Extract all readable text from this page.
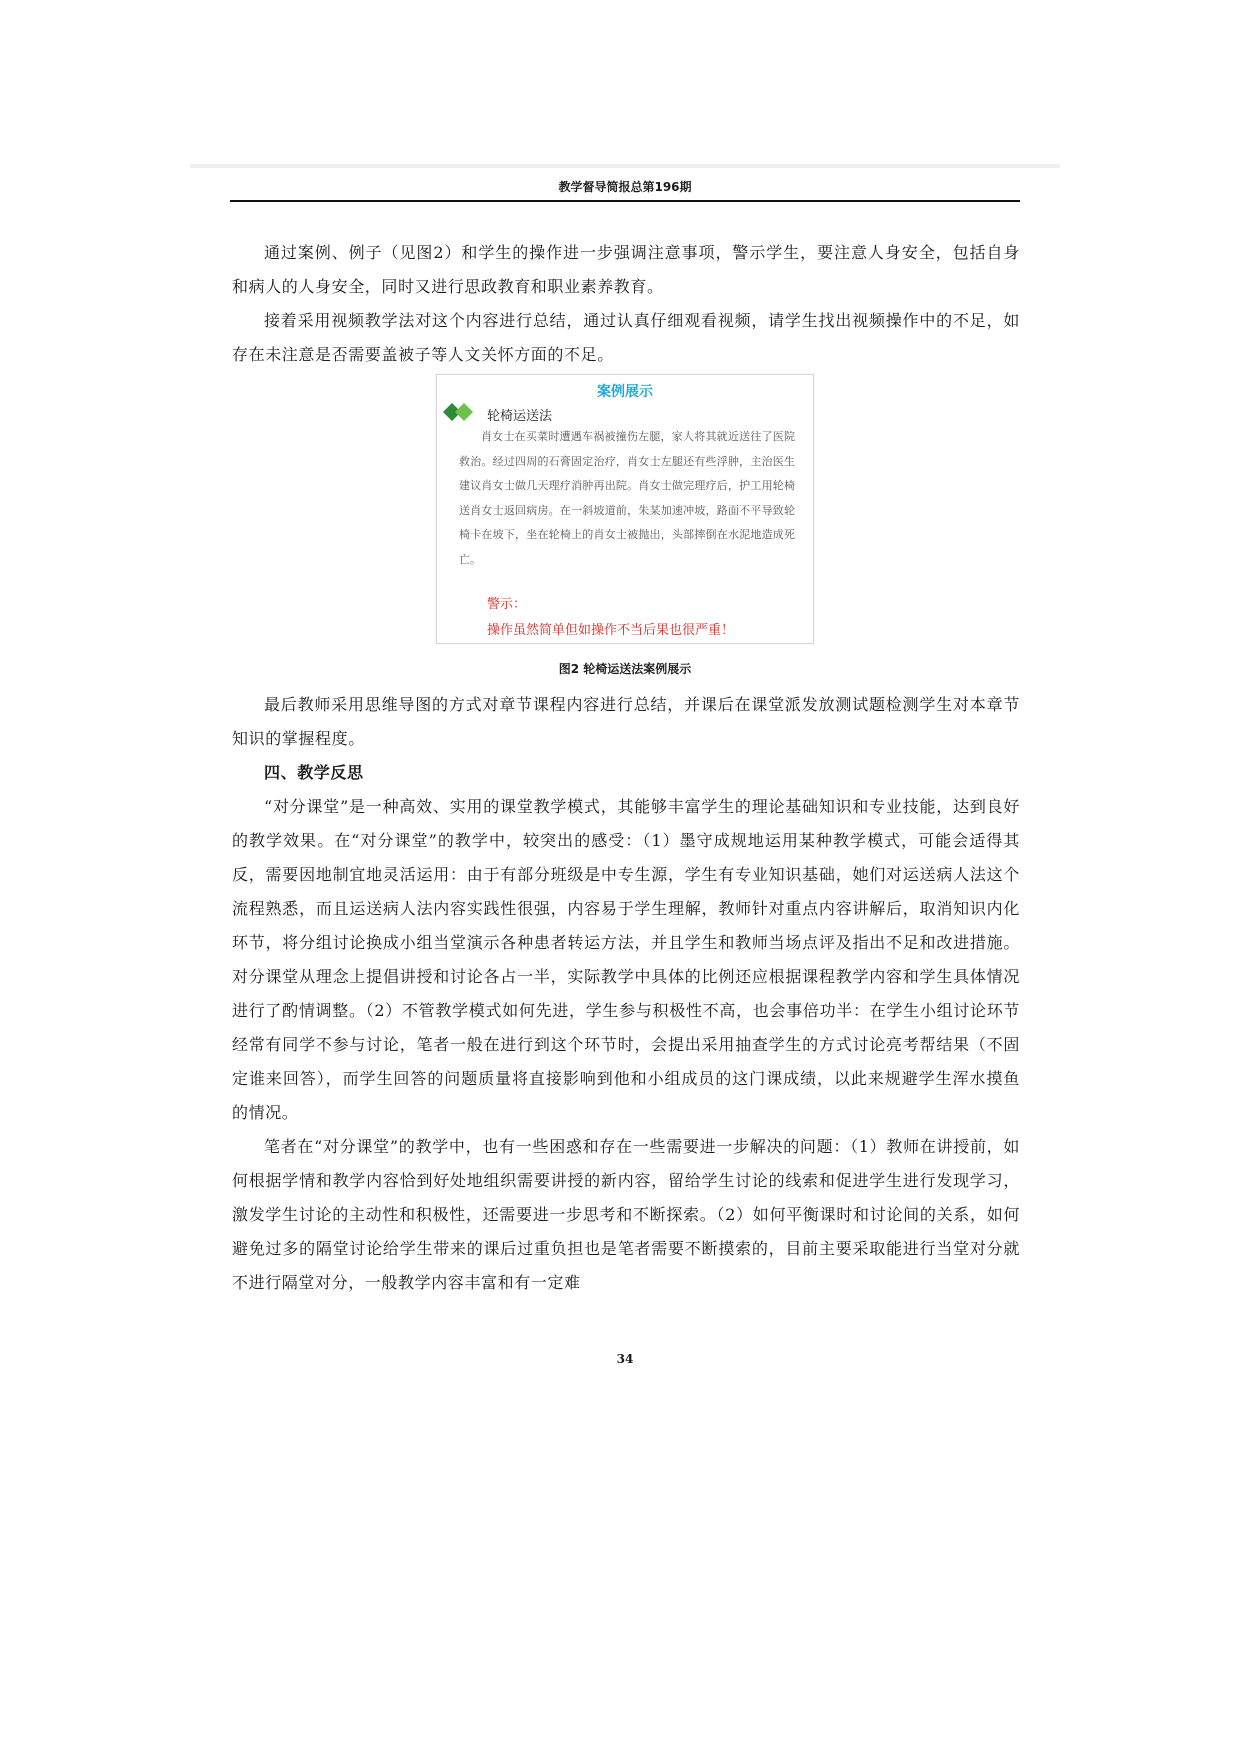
教学督导简报总第196期

通过案例、例子（见图2）和学生的操作进一步强调注意事项，警示学生，要注意人身安全，包括自身和病人的人身安全，同时又进行思政教育和职业素养教育。

接着采用视频教学法对这个内容进行总结，通过认真仔细观看视频，请学生找出视频操作中的不足，如存在未注意是否需要盖被子等人文关怀方面的不足。

案例展示
轮椅运送法
肖女士在买菜时遭遇车祸被撞伤左腿，家人将其就近送往了医院救治。经过四周的石膏固定治疗，肖女士左腿还有些浮肿，主治医生建议肖女士做几天理疗消肿再出院。肖女士做完理疗后，护工用轮椅送肖女士返回病房。在一斜坡道前，朱某加速冲坡，路面不平导致轮椅卡在坡下，坐在轮椅上的肖女士被抛出，头部摔倒在水泥地造成死亡。
警示：
操作虽然简单但如操作不当后果也很严重！
图2 轮椅运送法案例展示

最后教师采用思维导图的方式对章节课程内容进行总结，并课后在课堂派发放测试题检测学生对本章节知识的掌握程度。

四、教学反思

“对分课堂”是一种高效、实用的课堂教学模式，其能够丰富学生的理论基础知识和专业技能，达到良好的教学效果。在“对分课堂”的教学中，较突出的感受：（1）墨守成规地运用某种教学模式，可能会适得其反，需要因地制宜地灵活运用：由于有部分班级是中专生源，学生有专业知识基础，她们对运送病人法这个流程熟悉，而且运送病人法内容实践性很强，内容易于学生理解，教师针对重点内容讲解后，取消知识内化环节，将分组讨论换成小组当堂演示各种患者转运方法，并且学生和教师当场点评及指出不足和改进措施。对分课堂从理念上提倡讲授和讨论各占一半，实际教学中具体的比例还应根据课程教学内容和学生具体情况进行了酌情调整。（2）不管教学模式如何先进，学生参与积极性不高，也会事倍功半：在学生小组讨论环节经常有同学不参与讨论，笔者一般在进行到这个环节时，会提出采用抽查学生的方式讨论亮考帮结果（不固定谁来回答），而学生回答的问题质量将直接影响到他和小组成员的这门课成绩，以此来规避学生浑水摸鱼的情况。

笔者在“对分课堂”的教学中，也有一些困惑和存在一些需要进一步解决的问题：（1）教师在讲授前，如何根据学情和教学内容恰到好处地组织需要讲授的新内容，留给学生讨论的线索和促进学生进行发现学习，激发学生讨论的主动性和积极性，还需要进一步思考和不断探索。（2）如何平衡课时和讨论间的关系，如何避免过多的隔堂讨论给学生带来的课后过重负担也是笔者需要不断摸索的，目前主要采取能进行当堂对分就不进行隔堂对分，一般教学内容丰富和有一定难

34
